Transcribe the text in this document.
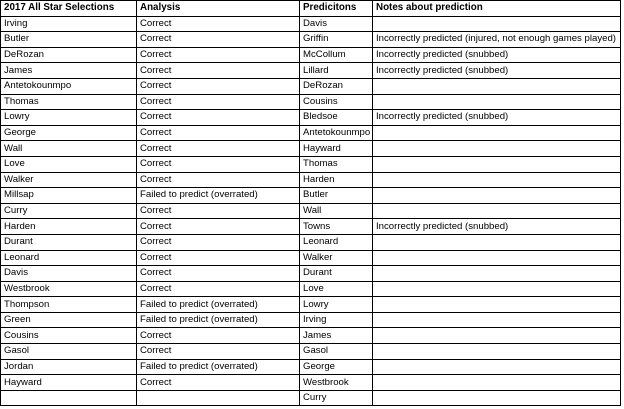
2017 All Star Selections	Analysis	Predicitons	Notes about prediction
Irving	Correct	Davis	
Butler	Correct	Griffin	Incorrectly predicted (injured, not enough games played)
DeRozan	Correct	McCollum	Incorrectly predicted (snubbed)
James	Correct	Lillard	Incorrectly predicted (snubbed)
Antetokounmpo	Correct	DeRozan	
Thomas	Correct	Cousins	
Lowry	Correct	Bledsoe	Incorrectly predicted (snubbed)
George	Correct	Antetokounmpo	
Wall	Correct	Hayward	
Love	Correct	Thomas	
Walker	Correct	Harden	
Millsap	Failed to predict (overrated)	Butler	
Curry	Correct	Wall	
Harden	Correct	Towns	Incorrectly predicted (snubbed)
Durant	Correct	Leonard	
Leonard	Correct	Walker	
Davis	Correct	Durant	
Westbrook	Correct	Love	
Thompson	Failed to predict (overrated)	Lowry	
Green	Failed to predict (overrated)	Irving	
Cousins	Correct	James	
Gasol	Correct	Gasol	
Jordan	Failed to predict (overrated)	George	
Hayward	Correct	Westbrook	
		Curry	
